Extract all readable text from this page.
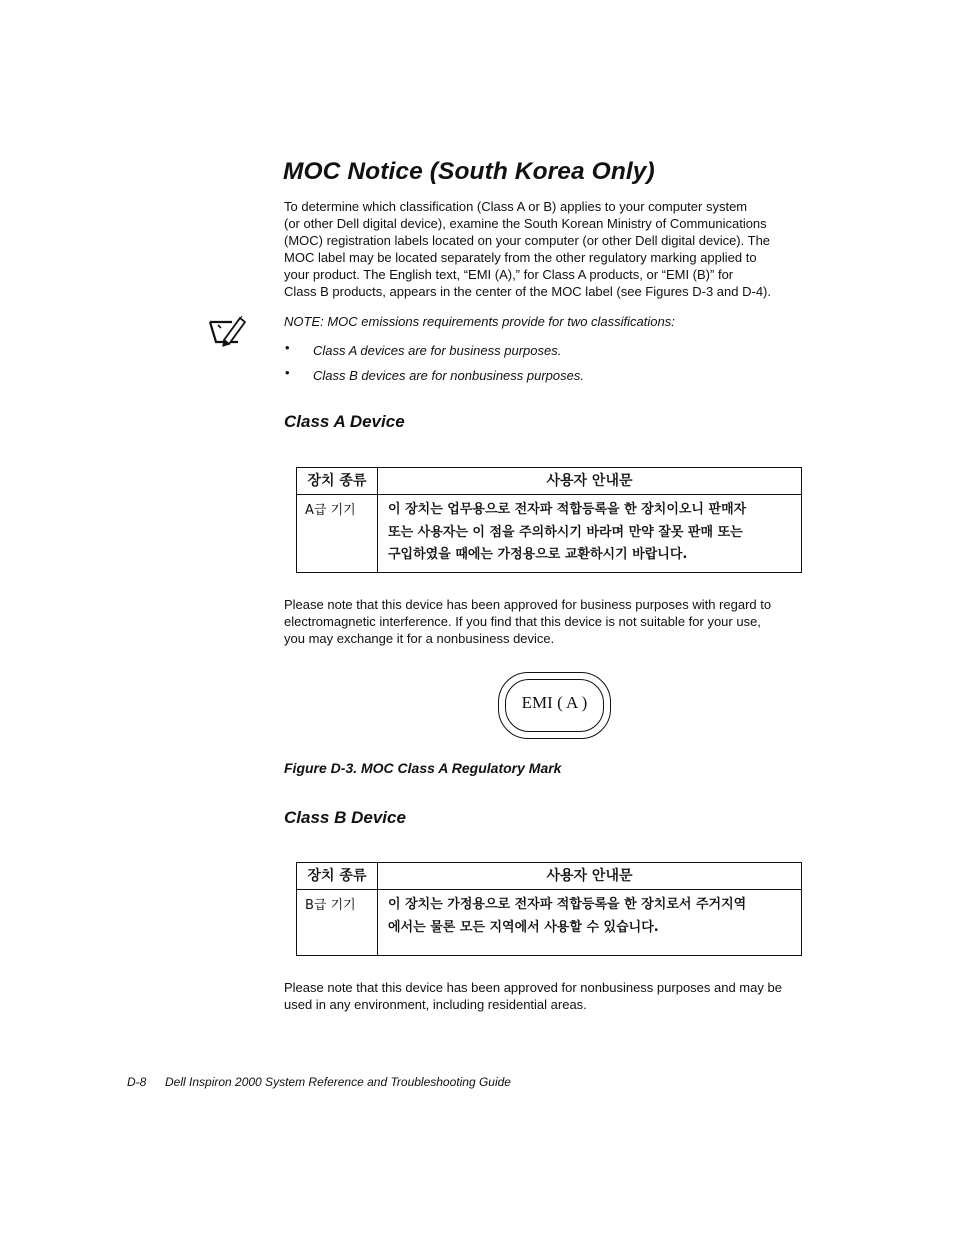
MOC Notice (South Korea Only)

To determine which classification (Class A or B) applies to your computer system
(or other Dell digital device), examine the South Korean Ministry of Communications
(MOC) registration labels located on your computer (or other Dell digital device). The
MOC label may be located separately from the other regulatory marking applied to
your product. The English text, “EMI (A),” for Class A products, or “EMI (B)” for
Class B products, appears in the center of the MOC label (see Figures D-3 and D-4).

NOTE: MOC emissions requirements provide for two classifications:
• Class A devices are for business purposes.
• Class B devices are for nonbusiness purposes.
Class A Device
장치 종류	사용자 안내문
A급 기기	이 장치는 업무용으로 전자파 적합등록을 한 장치이오니 판매자
또는 사용자는 이 점을 주의하시기 바라며 만약 잘못 판매 또는
구입하였을 때에는 가정용으로 교환하시기 바랍니다.

Please note that this device has been approved for business purposes with regard to
electromagnetic interference. If you find that this device is not suitable for your use,
you may exchange it for a nonbusiness device.

EMI ( A )
Figure D-3. MOC Class A Regulatory Mark
Class B Device
장치 종류	사용자 안내문
B급 기기	이 장치는 가정용으로 전자파 적합등록을 한 장치로서 주거지역
에서는 물론 모든 지역에서 사용할 수 있습니다.

Please note that this device has been approved for nonbusiness purposes and may be
used in any environment, including residential areas.

D-8 Dell Inspiron 2000 System Reference and Troubleshooting Guide
